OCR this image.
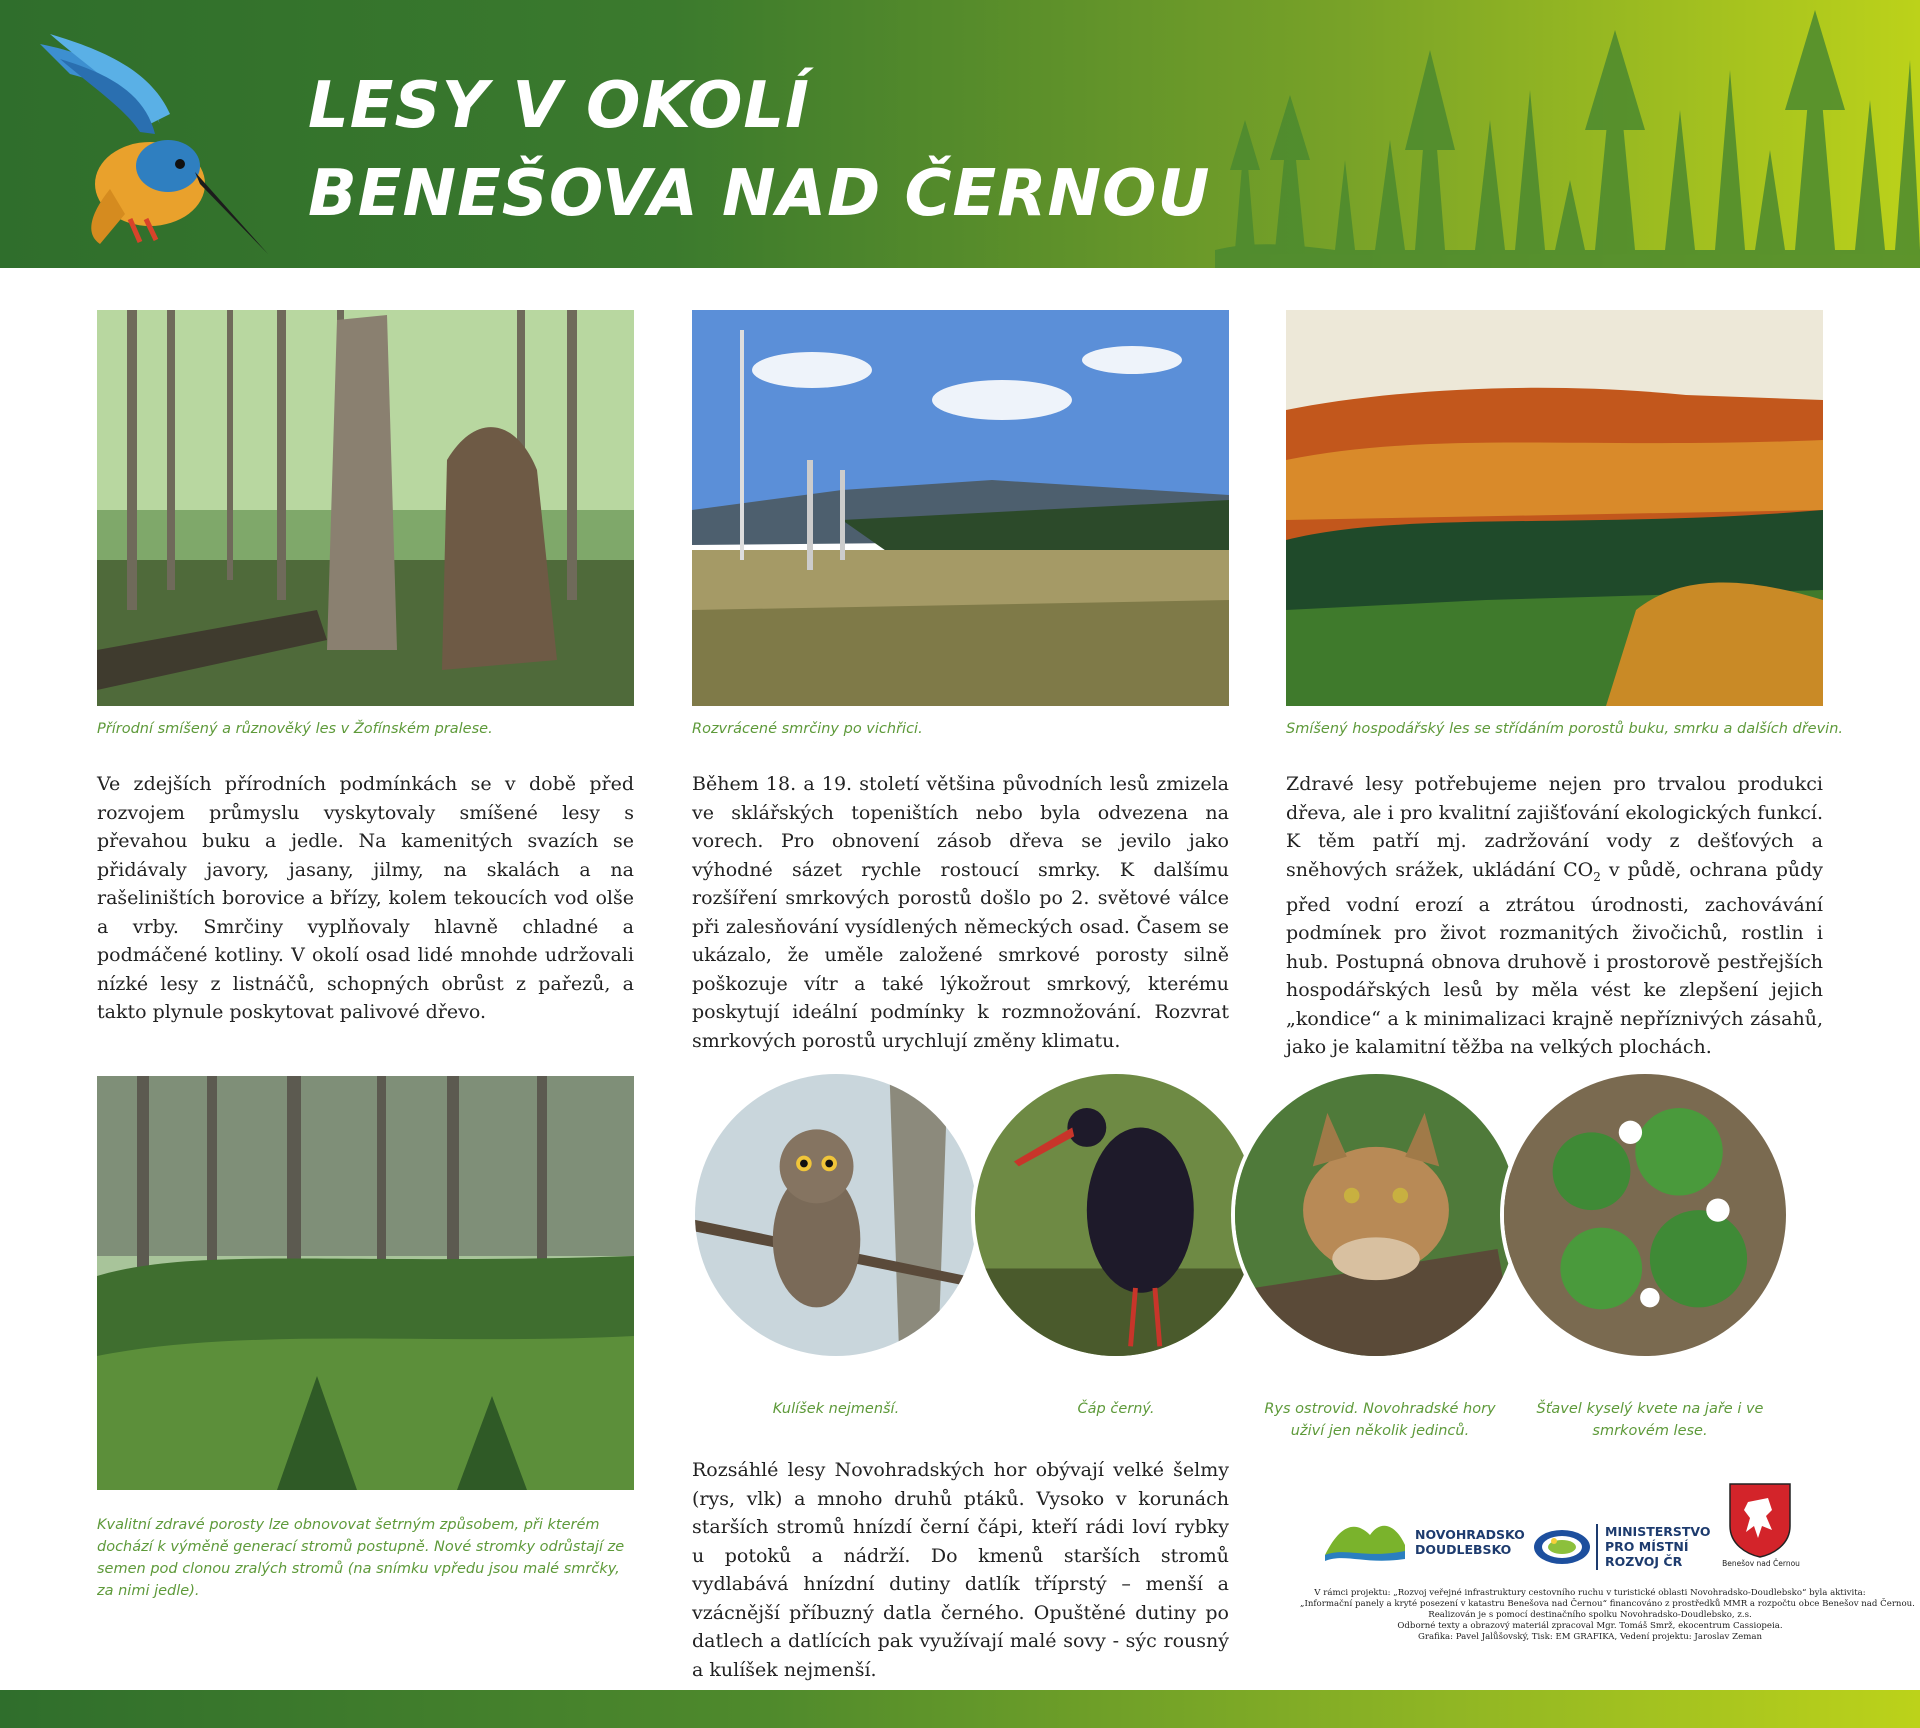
LESY V OKOLÍ
BENEŠOVA NAD ČERNOU
Přírodní smíšený a různověký les v Žofínském pralese.	Rozvrácené smrčiny po vichřici.	Smíšený hospodářský les se střídáním porostů buku, smrku a dalších dřevin.
Ve zdejších přírodních podmínkách se v době před rozvojem průmyslu vyskytovaly smíšené lesy s převahou buku a jedle. Na kamenitých svazích se přidávaly javory, jasany, jilmy, na skalách a na rašeliništích borovice a břízy, kolem tekoucích vod olše a vrby. Smrčiny vyplňovaly hlavně chladné a podmáčené kotliny. V okolí osad lidé mnohde udržovali nízké lesy z listnáčů, schopných obrůst z pařezů, a takto plynule poskytovat palivové dřevo.
Během 18. a 19. století většina původních lesů zmizela ve sklářských topeništích nebo byla odvezena na vorech. Pro obnovení zásob dřeva se jevilo jako výhodné sázet rychle rostoucí smrky. K dalšímu rozšíření smrkových porostů došlo po 2. světové válce při zalesňování vysídlených německých osad. Časem se ukázalo, že uměle založené smrkové porosty silně poškozuje vítr a také lýkožrout smrkový, kterému poskytují ideální podmínky k rozmnožování. Rozvrat smrkových porostů urychlují změny klimatu.
Zdravé lesy potřebujeme nejen pro trvalou produkci dřeva, ale i pro kvalitní zajišťování ekologických funkcí. K těm patří mj. zadržování vody z dešťových a sněhových srážek, ukládání $CO_2$ v půdě, ochrana půdy před vodní erozí a ztrátou úrodnosti, zachovávání podmínek pro život rozmanitých živočichů, rostlin i hub. Postupná obnova druhově i prostorově pestřejších hospodářských lesů by měla vést ke zlepšení jejich „kondice“ a k minimalizaci krajně nepříznivých zásahů, jako je kalamitní těžba na velkých plochách.
Kvalitní zdravé porosty lze obnovovat šetrným způsobem, při kterém dochází k výměně generací stromů postupně. Nové stromky odrůstají ze semen pod clonou zralých stromů (na snímku vpředu jsou malé smrčky, za nimi jedle).
Kulíšek nejmenší.	Čáp černý.	Rys ostrovid. Novohradské hory uživí jen několik jedinců.
Šťavel kyselý kvete na jaře i ve smrkovém lese.
Rozsáhlé lesy Novohradských hor obývají velké šelmy (rys, vlk) a mnoho druhů ptáků. Vysoko v korunách starších stromů hnízdí černí čápi, kteří rádi loví rybky u potoků a nádrží. Do kmenů starších stromů vydlabává hnízdní dutiny datlík tříprstý – menší a vzácnější příbuzný datla černého. Opuštěné dutiny po datlech a datlících pak využívají malé sovy - sýc rousný a kulíšek nejmenší.
NOVOHRADSKO
DOUDLEBSKO
MINISTERSTVO
PRO MÍSTNÍ
ROZVOJ ČR	Benešov nad Černou
V rámci projektu: „Rozvoj veřejné infrastruktury cestovního ruchu v turistické oblasti Novohradsko-Doudlebsko“ byla aktivita:
„Informační panely a kryté posezení v katastru Benešova nad Černou“ financováno z prostředků MMR a rozpočtu obce Benešov nad Černou.
Realizován je s pomocí destinačního spolku Novohradsko-Doudlebsko, z.s.
Odborné texty a obrazový materiál zpracoval Mgr. Tomáš Smrž, ekocentrum Cassiopeia.
Grafika: Pavel Jalůšovský, Tisk: EM GRAFIKA, Vedení projektu: Jaroslav Zeman
